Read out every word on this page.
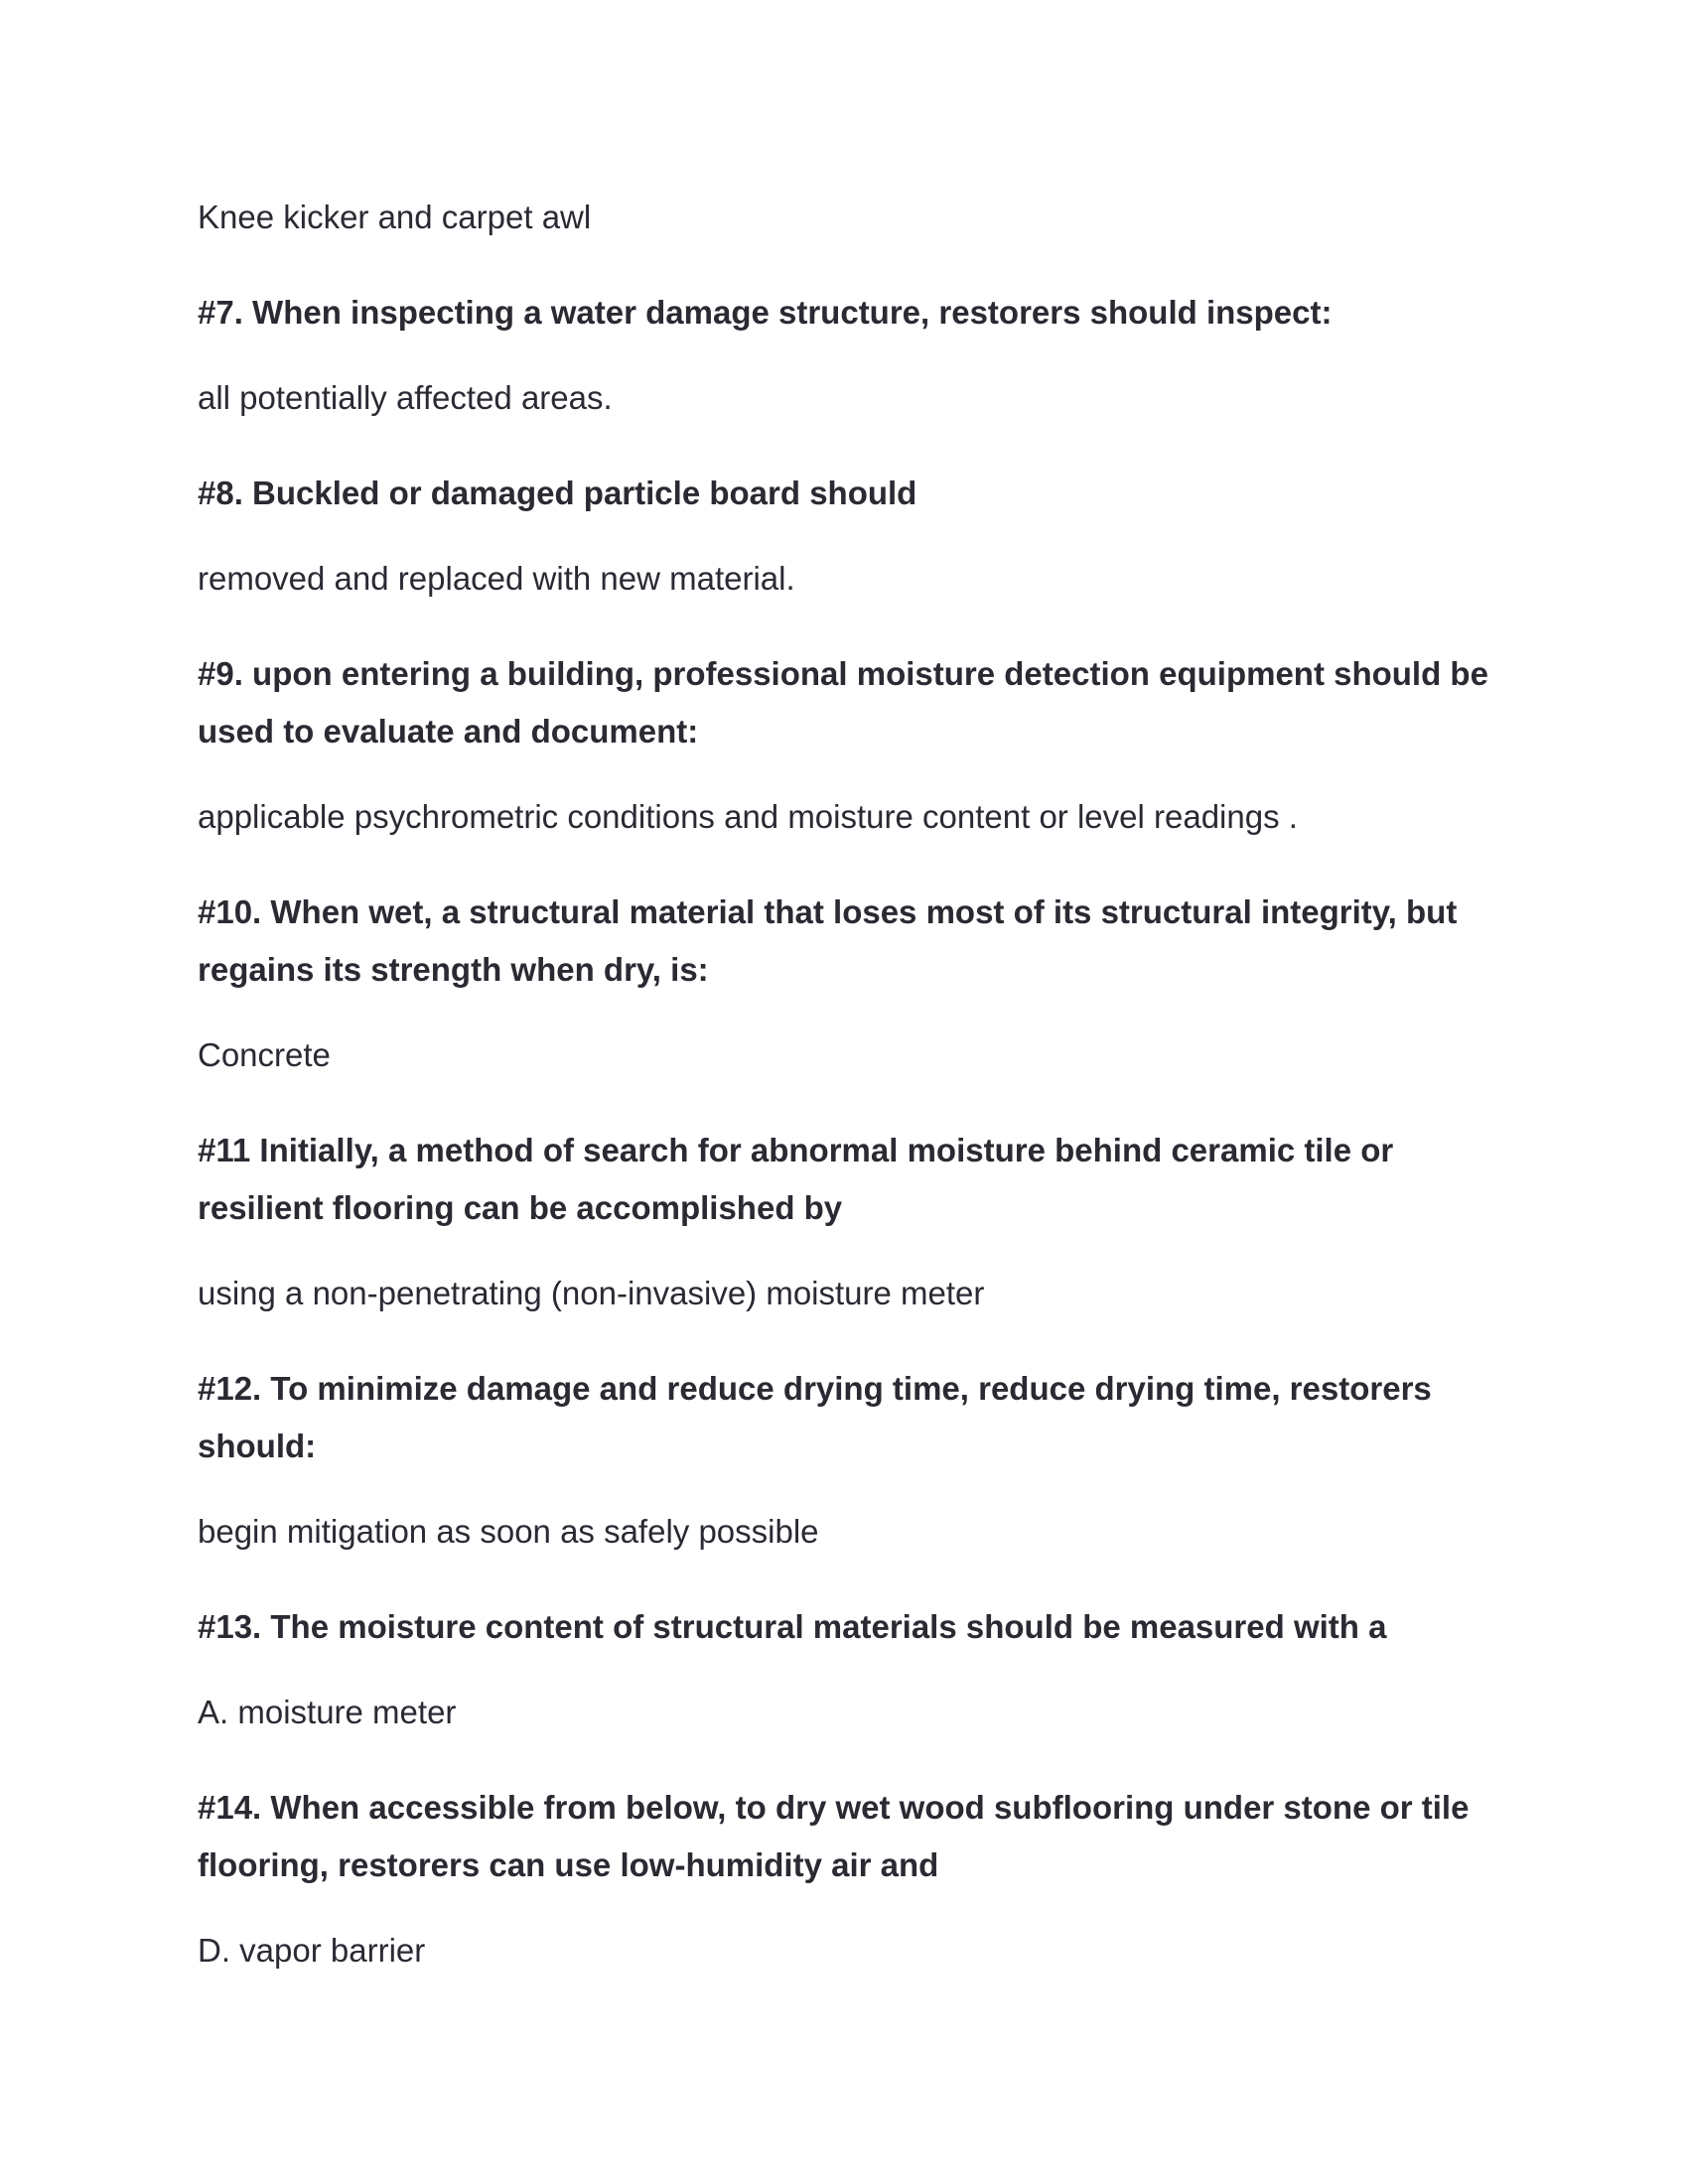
Knee kicker and carpet awl

#7. When inspecting a water damage structure, restorers should inspect:

all potentially affected areas.

#8. Buckled or damaged particle board should

removed and replaced with new material.

#9. upon entering a building, professional moisture detection equipment should be used to evaluate and document:

applicable psychrometric conditions and moisture content or level readings .

#10. When wet, a structural material that loses most of its structural integrity, but regains its strength when dry, is:

Concrete

#11 Initially, a method of search for abnormal moisture behind ceramic tile or resilient flooring can be accomplished by

using a non-penetrating (non-invasive) moisture meter

#12. To minimize damage and reduce drying time, reduce drying time, restorers should:

begin mitigation as soon as safely possible

#13. The moisture content of structural materials should be measured with a

A. moisture meter

#14. When accessible from below, to dry wet wood subflooring under stone or tile flooring, restorers can use low-humidity air and

D. vapor barrier
